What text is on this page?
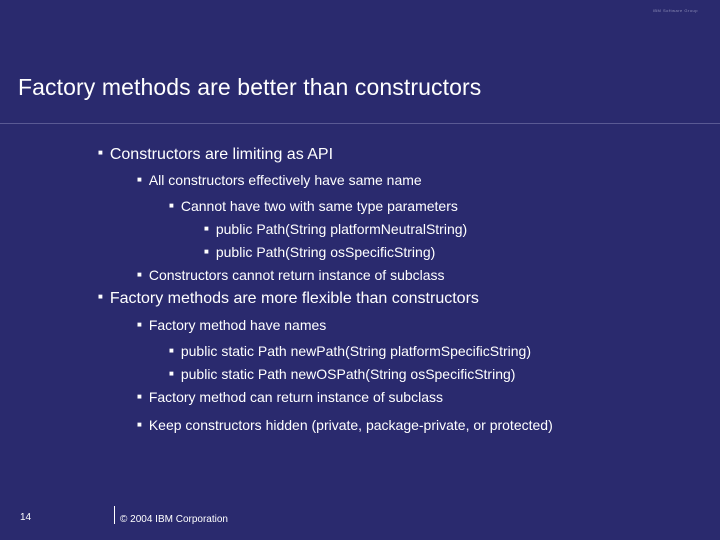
IBM Software Group
Factory methods are better than constructors
■ Constructors are limiting as API
■ All constructors effectively have same name
■ Cannot have two with same type parameters
■ public Path(String platformNeutralString)
■ public Path(String osSpecificString)
■ Constructors cannot return instance of subclass
■ Factory methods are more flexible than constructors
■ Factory method have names
■ public static Path newPath(String platformSpecificString)
■ public static Path newOSPath(String osSpecificString)
■ Factory method can return instance of subclass
■ Keep constructors hidden (private, package-private, or protected)
14	© 2004 IBM Corporation
